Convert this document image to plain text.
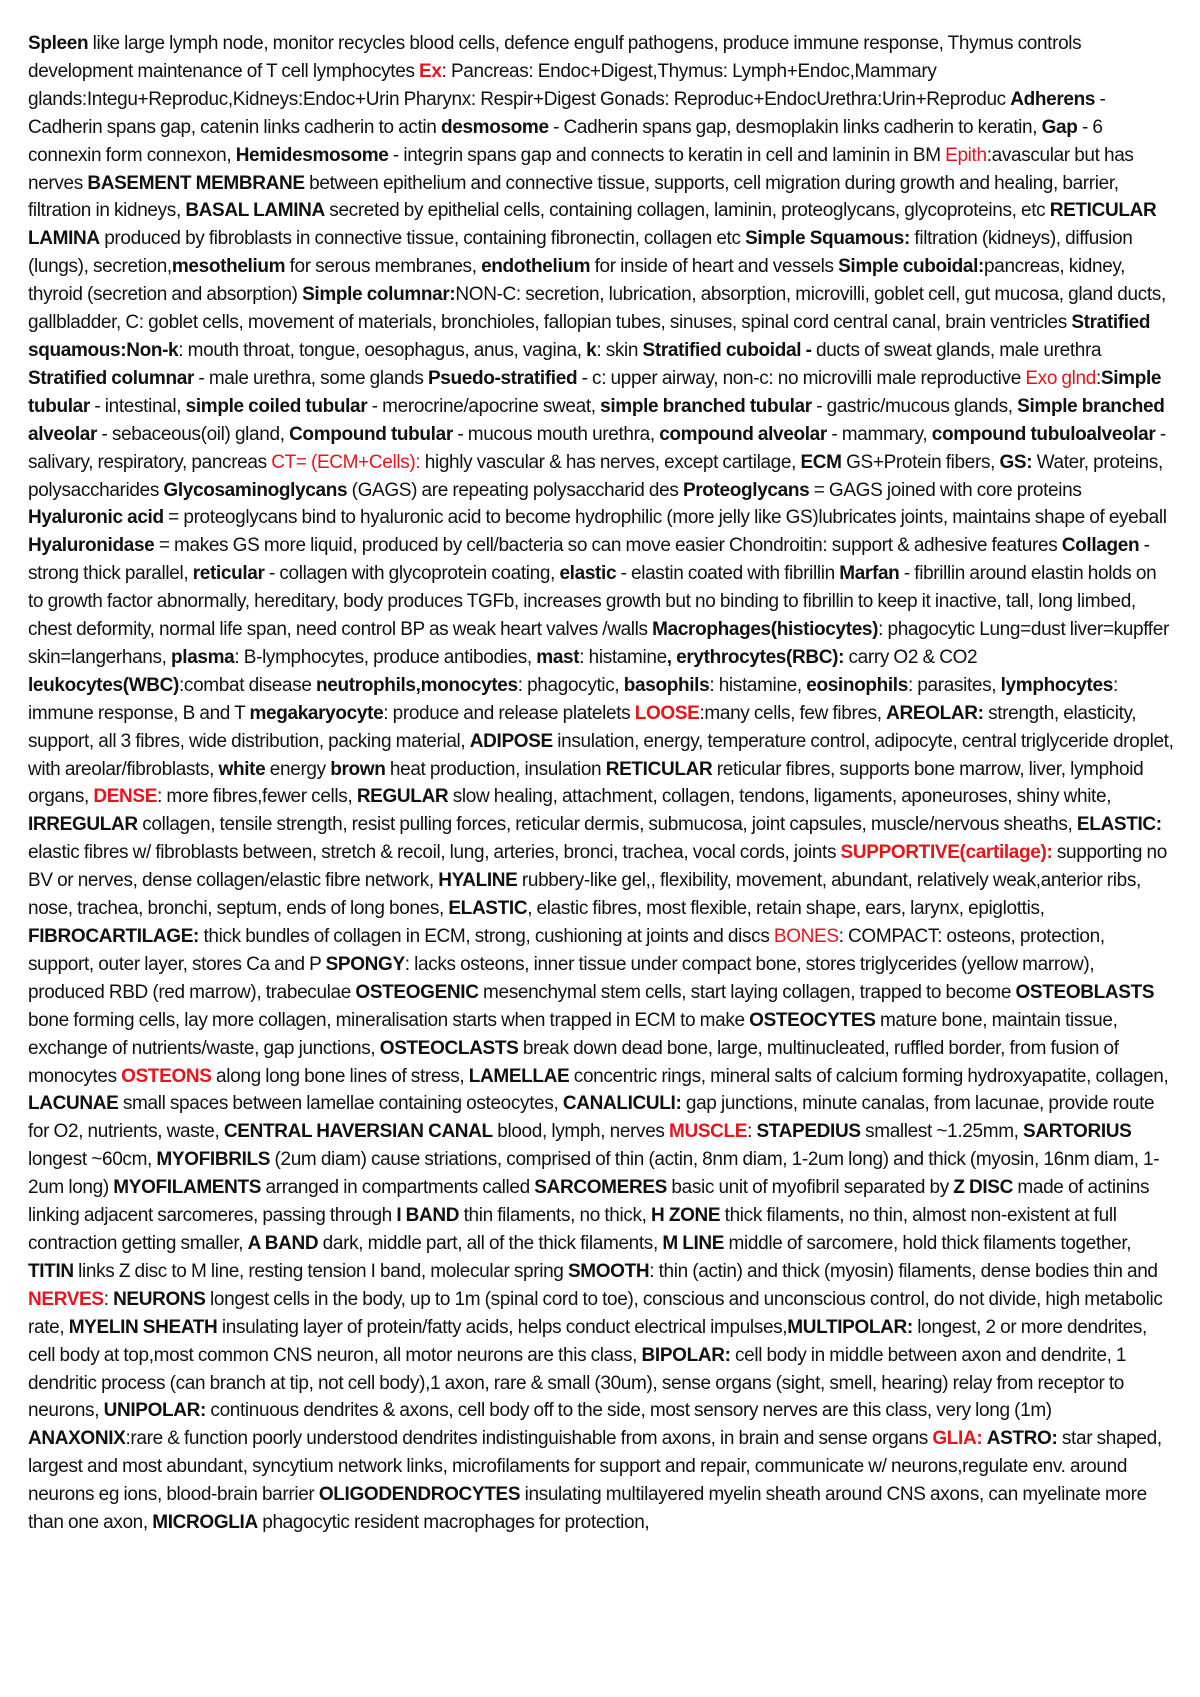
Spleen like large lymph node, monitor recycles blood cells, defence engulf pathogens, produce immune response, Thymus controls development maintenance of T cell lymphocytes Ex: Pancreas: Endoc+Digest,Thymus: Lymph+Endoc,Mammary glands:Integu+Reproduc,Kidneys:Endoc+Urin Pharynx: Respir+Digest Gonads: Reproduc+EndocUrethra:Urin+Reproduc Adherens - Cadherin spans gap, catenin links cadherin to actin desmosome - Cadherin spans gap, desmoplakin links cadherin to keratin, Gap - 6 connexin form connexon, Hemidesmosome - integrin spans gap and connects to keratin in cell and laminin in BM Epith:avascular but has nerves BASEMENT MEMBRANE between epithelium and connective tissue, supports, cell migration during growth and healing, barrier, filtration in kidneys, BASAL LAMINA secreted by epithelial cells, containing collagen, laminin, proteoglycans, glycoproteins, etc RETICULAR LAMINA produced by fibroblasts in connective tissue, containing fibronectin, collagen etc Simple Squamous: filtration (kidneys), diffusion (lungs), secretion,mesothelium for serous membranes, endothelium for inside of heart and vessels Simple cuboidal:pancreas, kidney, thyroid (secretion and absorption) Simple columnar:NON-C: secretion, lubrication, absorption, microvilli, goblet cell, gut mucosa, gland ducts, gallbladder, C: goblet cells, movement of materials, bronchioles, fallopian tubes, sinuses, spinal cord central canal, brain ventricles Stratified squamous:Non-k: mouth throat, tongue, oesophagus, anus, vagina, k: skin Stratified cuboidal - ducts of sweat glands, male urethra Stratified columnar - male urethra, some glands Psuedo-stratified - c: upper airway, non-c: no microvilli male reproductive Exo glnd:Simple tubular - intestinal, simple coiled tubular - merocrine/apocrine sweat, simple branched tubular - gastric/mucous glands, Simple branched alveolar - sebaceous(oil) gland, Compound tubular - mucous mouth urethra, compound alveolar - mammary, compound tubuloalveolar - salivary, respiratory, pancreas CT= (ECM+Cells): highly vascular & has nerves, except cartilage, ECM GS+Protein fibers, GS: Water, proteins, polysaccharides Glycosaminoglycans (GAGS) are repeating polysaccharid des Proteoglycans = GAGS joined with core proteins Hyaluronic acid = proteoglycans bind to hyaluronic acid to become hydrophilic (more jelly like GS)lubricates joints, maintains shape of eyeball Hyaluronidase = makes GS more liquid, produced by cell/bacteria so can move easier Chondroitin: support & adhesive features Collagen - strong thick parallel, reticular - collagen with glycoprotein coating, elastic - elastin coated with fibrillin Marfan - fibrillin around elastin holds on to growth factor abnormally, hereditary, body produces TGFb, increases growth but no binding to fibrillin to keep it inactive, tall, long limbed, chest deformity, normal life span, need control BP as weak heart valves /walls Macrophages(histiocytes): phagocytic Lung=dust liver=kupffer skin=langerhans, plasma: B-lymphocytes, produce antibodies, mast: histamine, erythrocytes(RBC): carry O2 & CO2 leukocytes(WBC):combat disease neutrophils,monocytes: phagocytic, basophils: histamine, eosinophils: parasites, lymphocytes: immune response, B and T megakaryocyte: produce and release platelets LOOSE:many cells, few fibres, AREOLAR: strength, elasticity, support, all 3 fibres, wide distribution, packing material, ADIPOSE insulation, energy, temperature control, adipocyte, central triglyceride droplet, with areolar/fibroblasts, white energy brown heat production, insulation RETICULAR reticular fibres, supports bone marrow, liver, lymphoid organs, DENSE: more fibres,fewer cells, REGULAR slow healing, attachment, collagen, tendons, ligaments, aponeuroses, shiny white, IRREGULAR collagen, tensile strength, resist pulling forces, reticular dermis, submucosa, joint capsules, muscle/nervous sheaths, ELASTIC: elastic fibres w/ fibroblasts between, stretch & recoil, lung, arteries, bronci, trachea, vocal cords, joints SUPPORTIVE(cartilage): supporting no BV or nerves, dense collagen/elastic fibre network, HYALINE rubbery-like gel,, flexibility, movement, abundant, relatively weak,anterior ribs, nose, trachea, bronchi, septum, ends of long bones, ELASTIC, elastic fibres, most flexible, retain shape, ears, larynx, epiglottis, FIBROCARTILAGE: thick bundles of collagen in ECM, strong, cushioning at joints and discs BONES: COMPACT: osteons, protection, support, outer layer, stores Ca and P SPONGY: lacks osteons, inner tissue under compact bone, stores triglycerides (yellow marrow), produced RBD (red marrow), trabeculae OSTEOGENIC mesenchymal stem cells, start laying collagen, trapped to become OSTEOBLASTS bone forming cells, lay more collagen, mineralisation starts when trapped in ECM to make OSTEOCYTES mature bone, maintain tissue, exchange of nutrients/waste, gap junctions, OSTEOCLASTS break down dead bone, large, multinucleated, ruffled border, from fusion of monocytes OSTEONS along long bone lines of stress, LAMELLAE concentric rings, mineral salts of calcium forming hydroxyapatite, collagen, LACUNAE small spaces between lamellae containing osteocytes, CANALICULI: gap junctions, minute canalas, from lacunae, provide route for O2, nutrients, waste, CENTRAL HAVERSIAN CANAL blood, lymph, nerves MUSCLE: STAPEDIUS smallest ~1.25mm, SARTORIUS longest ~60cm, MYOFIBRILS (2um diam) cause striations, comprised of thin (actin, 8nm diam, 1-2um long) and thick (myosin, 16nm diam, 1-2um long) MYOFILAMENTS arranged in compartments called SARCOMERES basic unit of myofibril separated by Z DISC made of actinins linking adjacent sarcomeres, passing through I BAND thin filaments, no thick, H ZONE thick filaments, no thin, almost non-existent at full contraction getting smaller, A BAND dark, middle part, all of the thick filaments, M LINE middle of sarcomere, hold thick filaments together, TITIN links Z disc to M line, resting tension I band, molecular spring SMOOTH: thin (actin) and thick (myosin) filaments, dense bodies thin and NERVES: NEURONS longest cells in the body, up to 1m (spinal cord to toe), conscious and unconscious control, do not divide, high metabolic rate, MYELIN SHEATH insulating layer of protein/fatty acids, helps conduct electrical impulses,MULTIPOLAR: longest, 2 or more dendrites, cell body at top,most common CNS neuron, all motor neurons are this class, BIPOLAR: cell body in middle between axon and dendrite, 1 dendritic process (can branch at tip, not cell body),1 axon, rare & small (30um), sense organs (sight, smell, hearing) relay from receptor to neurons, UNIPOLAR: continuous dendrites & axons, cell body off to the side, most sensory nerves are this class, very long (1m) ANAXONIX:rare & function poorly understood dendrites indistinguishable from axons, in brain and sense organs GLIA: ASTRO: star shaped, largest and most abundant, syncytium network links, microfilaments for support and repair, communicate w/ neurons,regulate env. around neurons eg ions, blood-brain barrier OLIGODENDROCYTES insulating multilayered myelin sheath around CNS axons, can myelinate more than one axon, MICROGLIA phagocytic resident macrophages for protection,
